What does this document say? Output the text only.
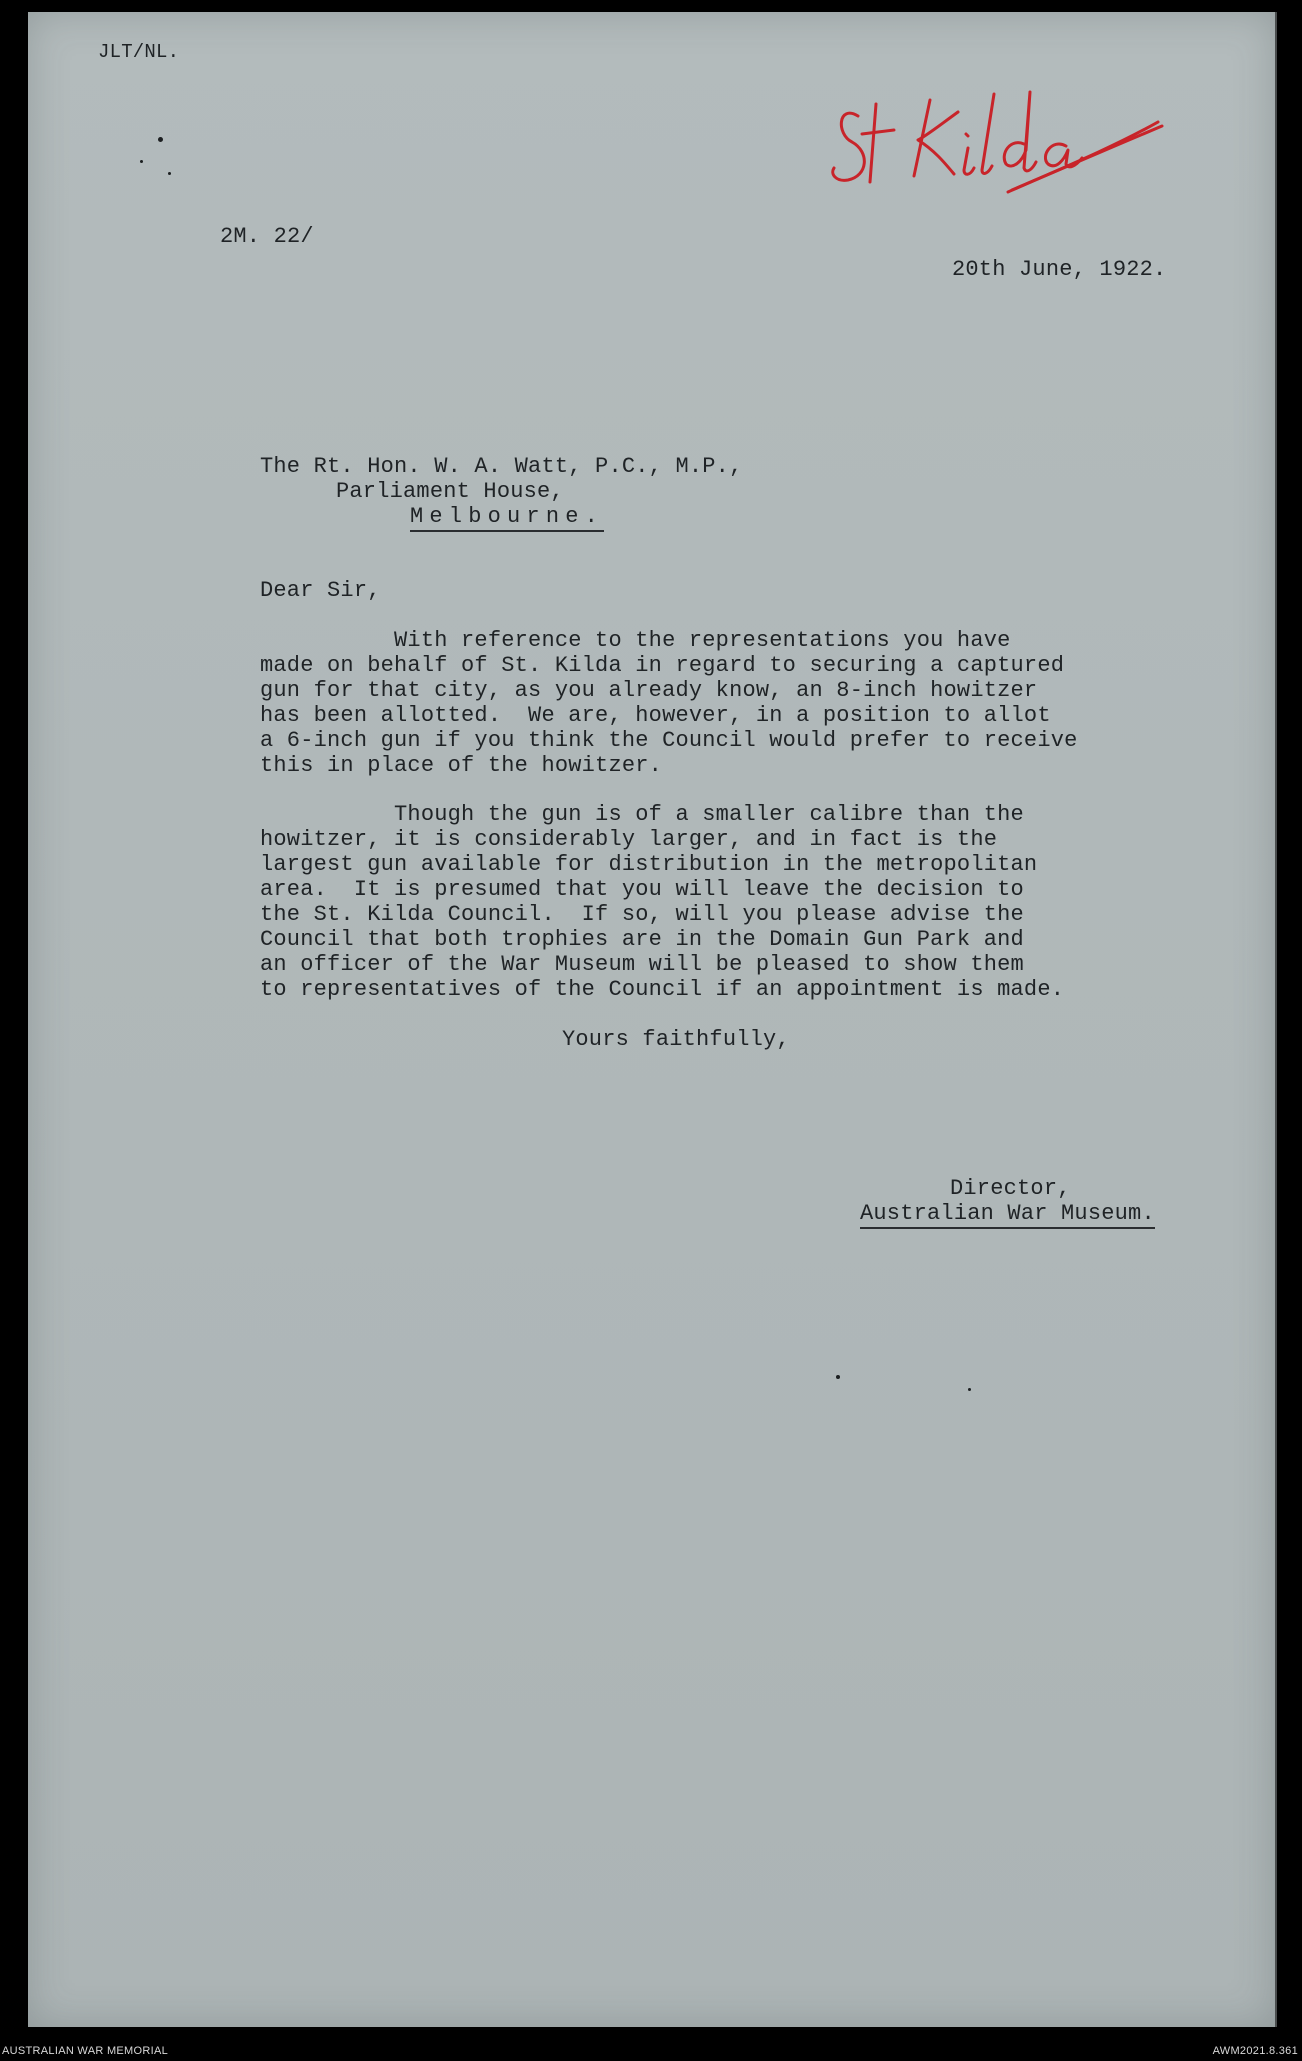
JLT/NL.
2M. 22/
20th June, 1922.
The Rt. Hon. W. A. Watt, P.C., M.P.,
Parliament House,
Melbourne.
Dear Sir,
With reference to the representations you have
made on behalf of St. Kilda in regard to securing a captured
gun for that city, as you already know, an 8-inch howitzer
has been allotted.  We are, however, in a position to allot
a 6-inch gun if you think the Council would prefer to receive
this in place of the howitzer.
Though the gun is of a smaller calibre than the
howitzer, it is considerably larger, and in fact is the
largest gun available for distribution in the metropolitan
area.  It is presumed that you will leave the decision to
the St. Kilda Council.  If so, will you please advise the
Council that both trophies are in the Domain Gun Park and
an officer of the War Museum will be pleased to show them
to representatives of the Council if an appointment is made.
Yours faithfully,
Director,
Australian War Museum.
AUSTRALIAN WAR MEMORIAL	AWM2021.8.361
